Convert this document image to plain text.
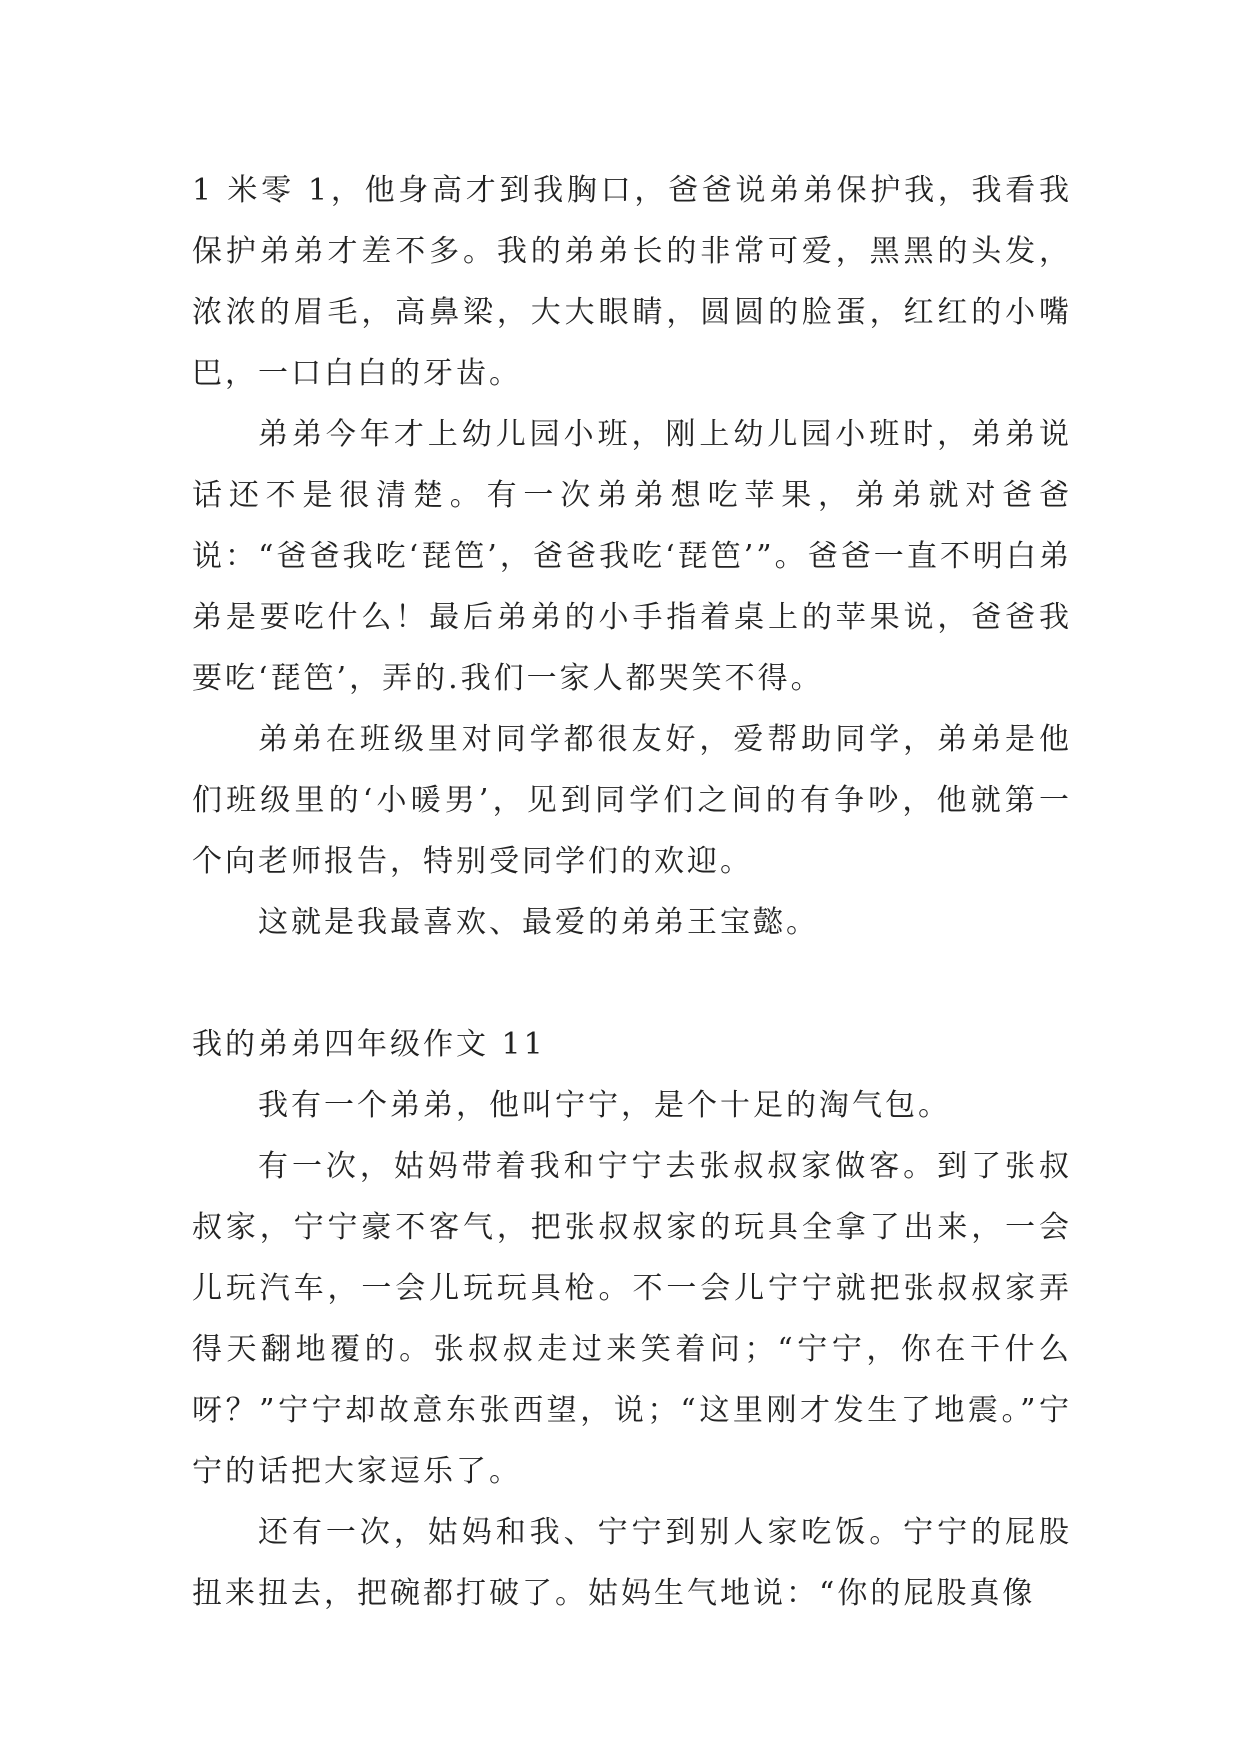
1 米零 1，他身高才到我胸口，爸爸说弟弟保护我，我看我保护弟弟才差不多。我的弟弟长的非常可爱，黑黑的头发，浓浓的眉毛，高鼻梁，大大眼睛，圆圆的脸蛋，红红的小嘴巴，一口白白的牙齿。

弟弟今年才上幼儿园小班，刚上幼儿园小班时，弟弟说话还不是很清楚。有一次弟弟想吃苹果，弟弟就对爸爸说：“爸爸我吃‘琵笆’，爸爸我吃‘琵笆’”。爸爸一直不明白弟弟是要吃什么！最后弟弟的小手指着桌上的苹果说，爸爸我要吃‘琵笆’，弄的.我们一家人都哭笑不得。

弟弟在班级里对同学都很友好，爱帮助同学，弟弟是他们班级里的‘小暖男’，见到同学们之间的有争吵，他就第一个向老师报告，特别受同学们的欢迎。

这就是我最喜欢、最爱的弟弟王宝懿。

我的弟弟四年级作文 11

我有一个弟弟，他叫宁宁，是个十足的淘气包。

有一次，姑妈带着我和宁宁去张叔叔家做客。到了张叔叔家，宁宁豪不客气，把张叔叔家的玩具全拿了出来，一会儿玩汽车，一会儿玩玩具枪。不一会儿宁宁就把张叔叔家弄得天翻地覆的。张叔叔走过来笑着问；“宁宁，你在干什么呀？”宁宁却故意东张西望，说；“这里刚才发生了地震。”宁宁的话把大家逗乐了。

还有一次，姑妈和我、宁宁到别人家吃饭。宁宁的屁股扭来扭去，把碗都打破了。姑妈生气地说：“你的屁股真像
